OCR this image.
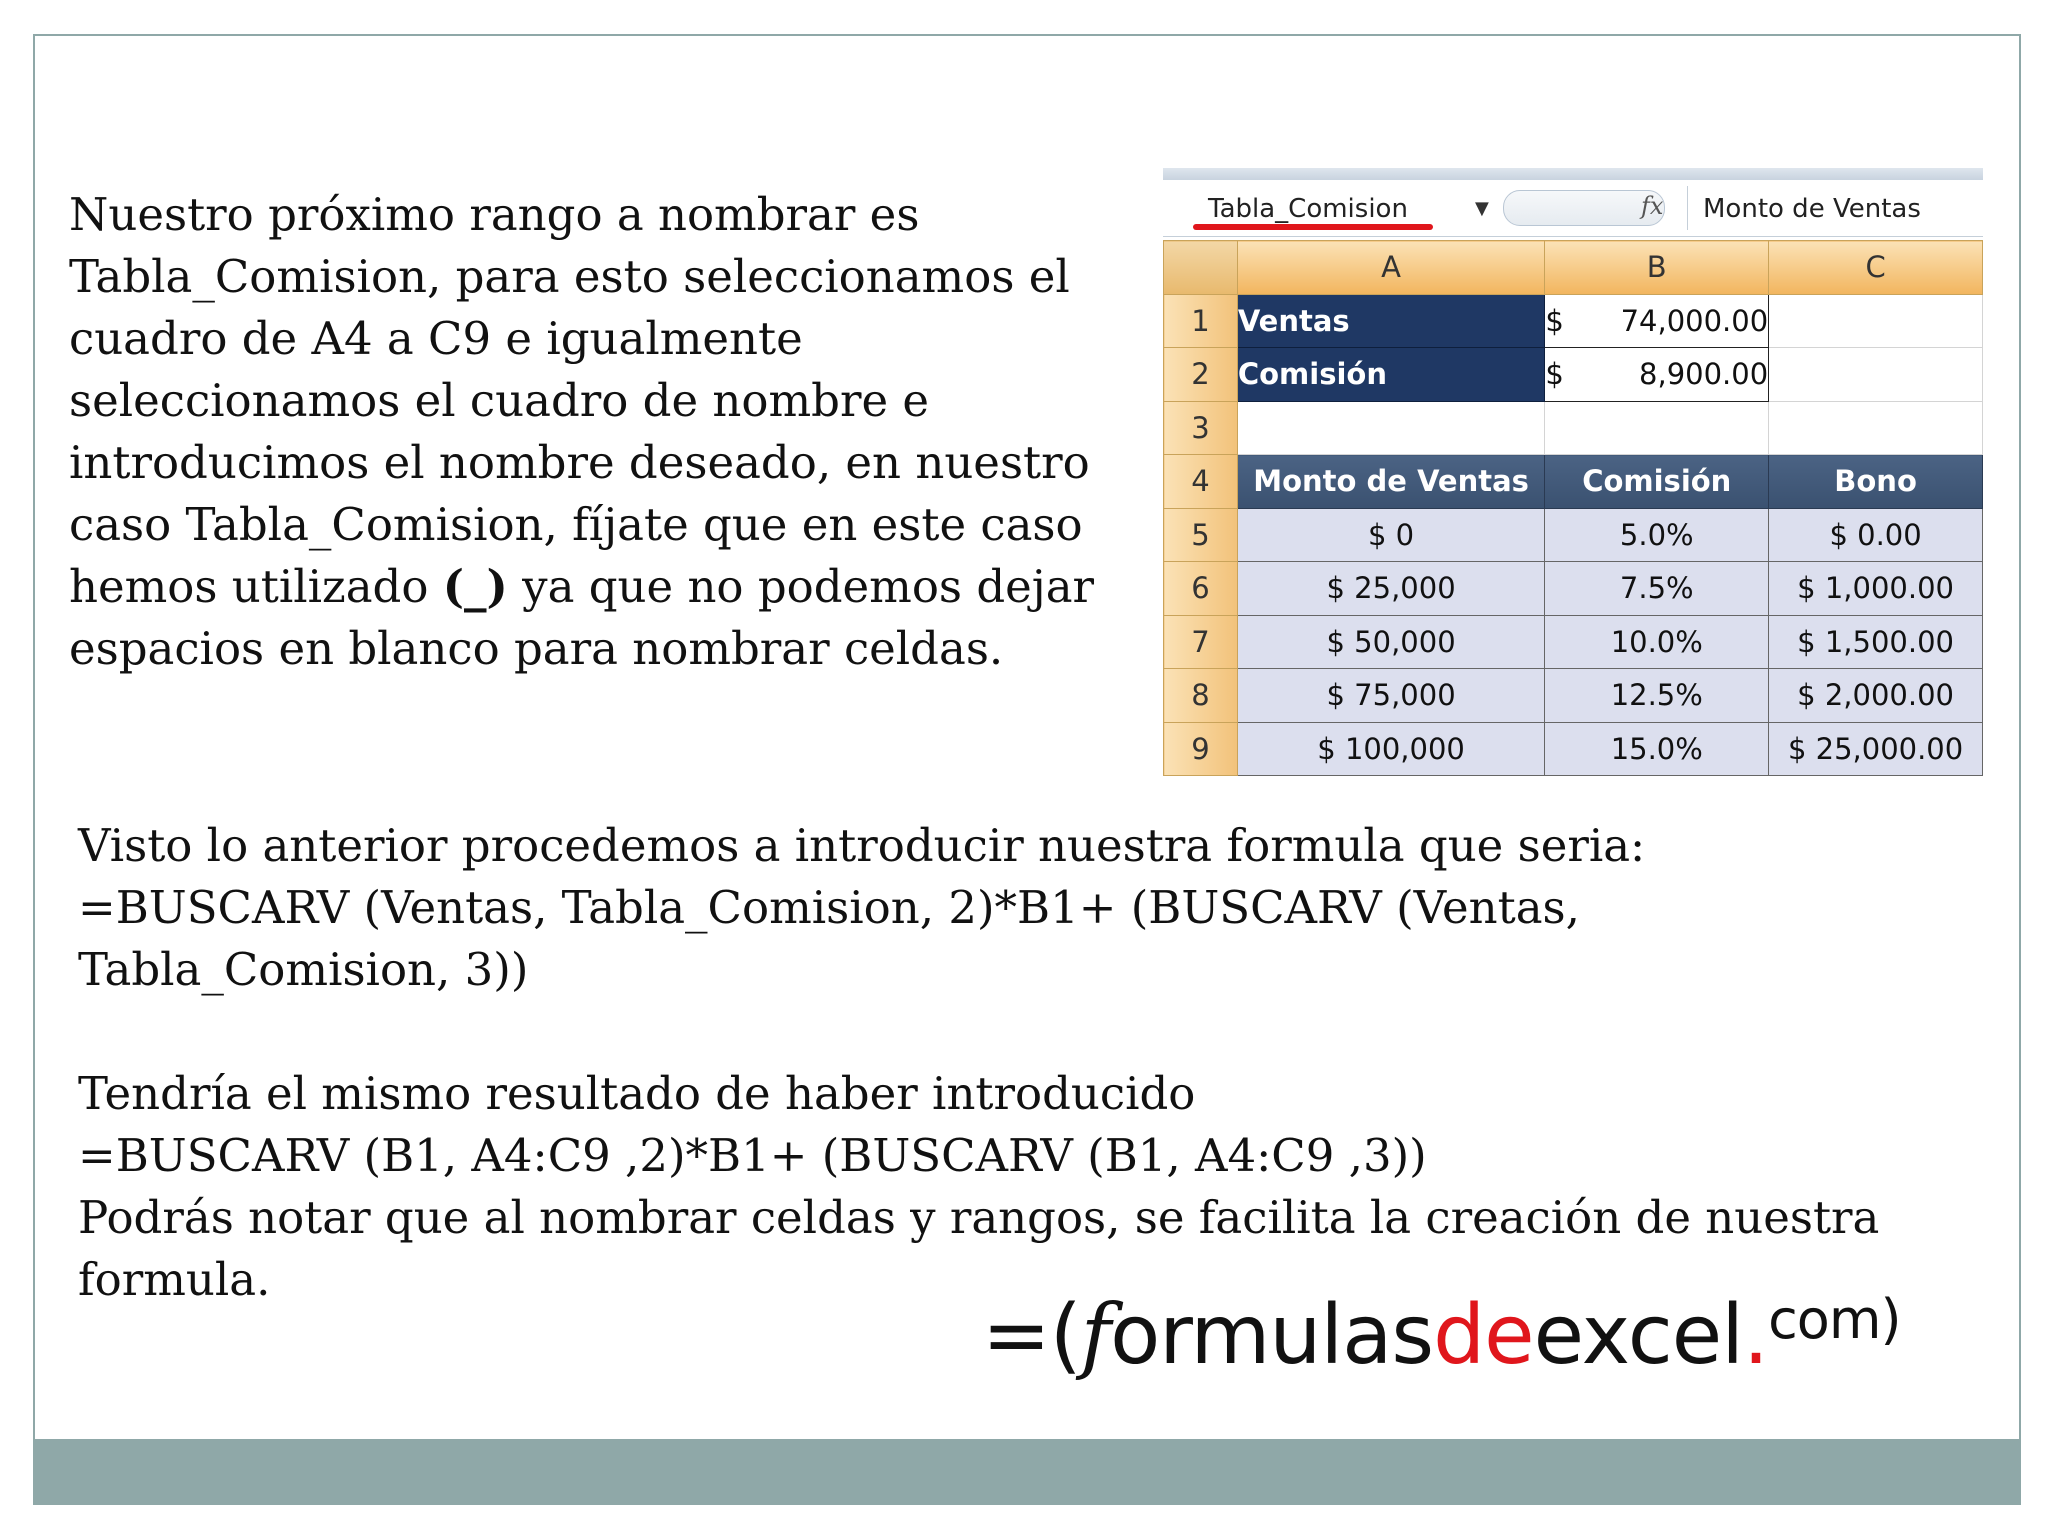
Nuestro próximo rango a nombrar es
Tabla_Comision, para esto seleccionamos el
cuadro de A4 a C9 e igualmente
seleccionamos el cuadro de nombre e
introducimos el nombre deseado, en nuestro
caso Tabla_Comision, fíjate que en este caso
hemos utilizado (_) ya que no podemos dejar
espacios en blanco para nombrar celdas.
Tabla_Comision	▼	fx Monto de Ventas
	A	B	C
1	Ventas	$ 74,000.00	

2	Comisión	$ 8,900.00	

3			
4	Monto de Ventas	Comisión	Bono
5	$ 0	5.0%	$ 0.00
6	$ 25,000	7.5%	$ 1,000.00
7	$ 50,000	10.0%	$ 1,500.00
8	$ 75,000	12.5%	$ 2,000.00
9	$ 100,000	15.0%	$ 25,000.00
Visto lo anterior procedemos a introducir nuestra formula que seria:
=BUSCARV (Ventas, Tabla_Comision, 2)*B1+ (BUSCARV (Ventas,
Tabla_Comision, 3))
Tendría el mismo resultado de haber introducido
=BUSCARV (B1, A4:C9 ,2)*B1+ (BUSCARV (B1, A4:C9 ,3))
Podrás notar que al nombrar celdas y rangos, se facilita la creación de nuestra
formula.
=(formulasdeexcel.$^{com)}$
